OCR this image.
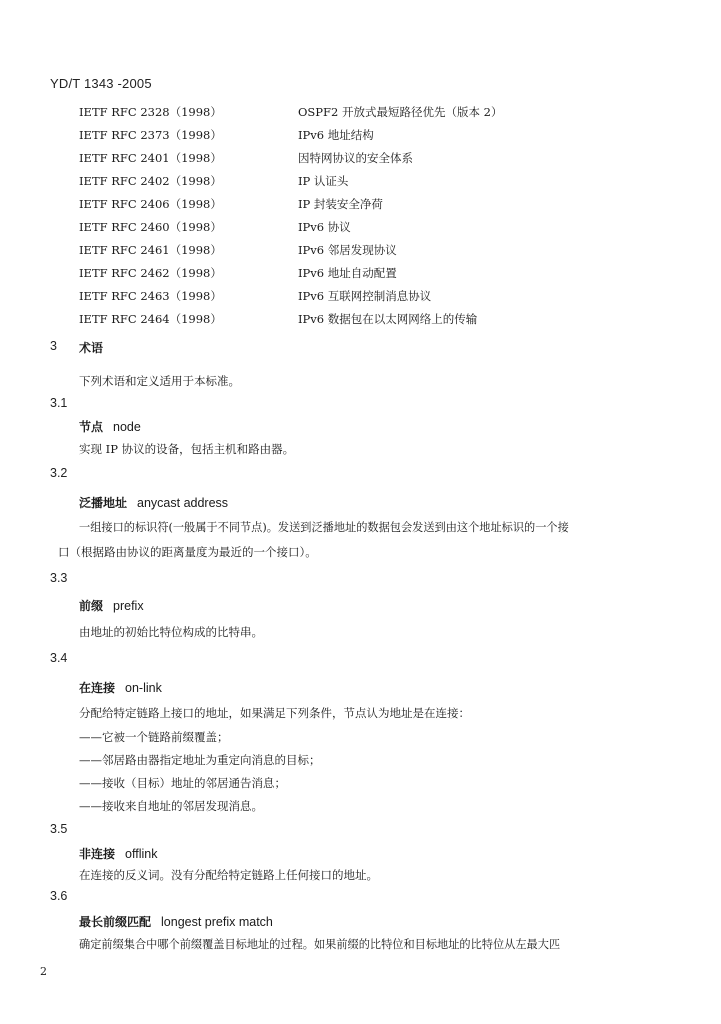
YD/T 1343 -2005
IETF RFC 2328（1998）	OSPF2 开放式最短路径优先（版本 2）
IETF RFC 2373（1998）	IPv6 地址结构
IETF RFC 2401（1998）	因特网协议的安全体系
IETF RFC 2402（1998）	IP 认证头
IETF RFC 2406（1998）	IP 封装安全净荷
IETF RFC 2460（1998）	IPv6 协议
IETF RFC 2461（1998）	IPv6 邻居发现协议
IETF RFC 2462（1998）	IPv6 地址自动配置
IETF RFC 2463（1998）	IPv6 互联网控制消息协议
IETF RFC 2464（1998）	IPv6 数据包在以太网网络上的传输
3 术语
下列术语和定义适用于本标准。
3.1
节点 node
实现 IP 协议的设备，包括主机和路由器。
3.2
泛播地址 anycast address
一组接口的标识符(一般属于不同节点)。发送到泛播地址的数据包会发送到由这个地址标识的一个接
口（根据路由协议的距离量度为最近的一个接口）。
3.3
前缀 prefix
由地址的初始比特位构成的比特串。
3.4
在连接 on-link
分配给特定链路上接口的地址，如果满足下列条件，节点认为地址是在连接：
——它被一个链路前缀覆盖；
——邻居路由器指定地址为重定向消息的目标；
——接收（目标）地址的邻居通告消息；
——接收来自地址的邻居发现消息。
3.5
非连接 offlink
在连接的反义词。没有分配给特定链路上任何接口的地址。
3.6
最长前缀匹配 longest prefix match
确定前缀集合中哪个前缀覆盖目标地址的过程。如果前缀的比特位和目标地址的比特位从左最大匹
2
